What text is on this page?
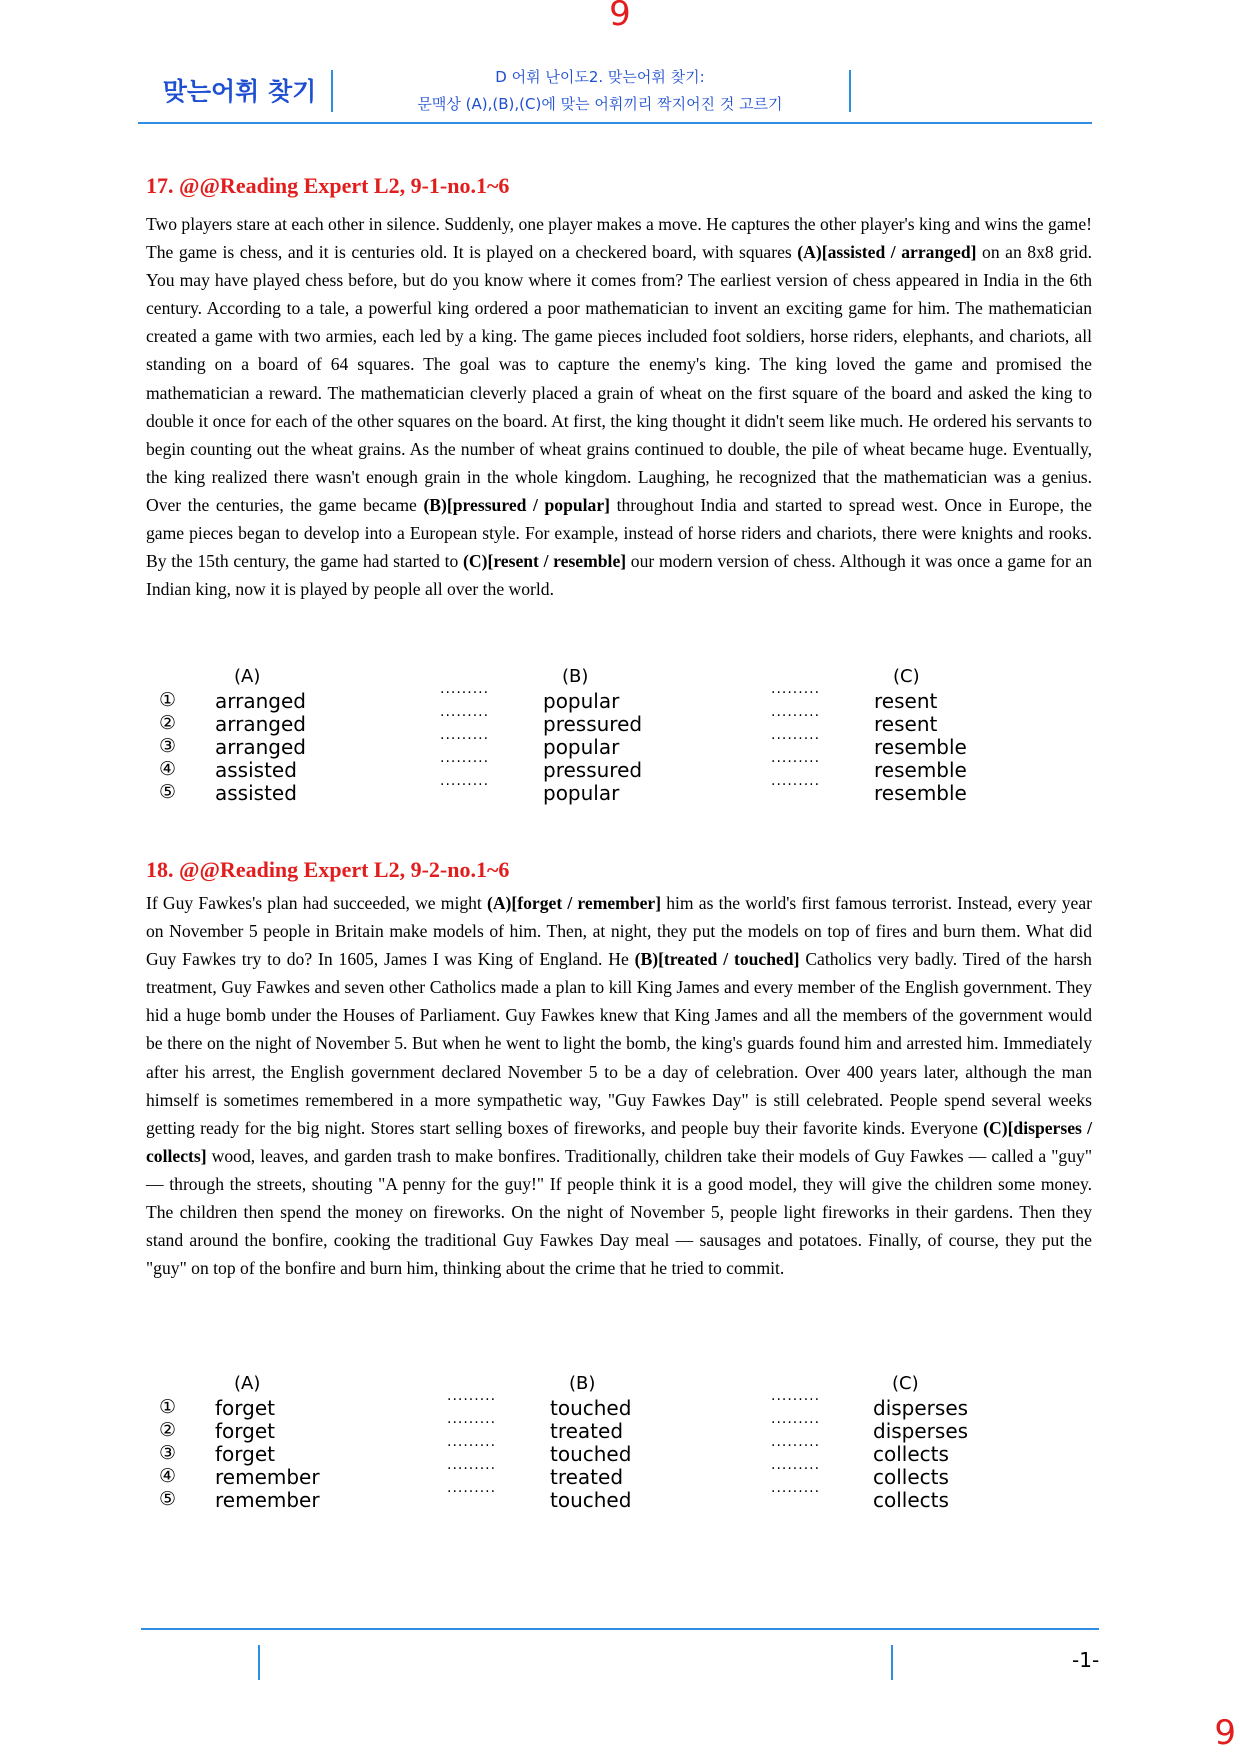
9
맞는어휘 찾기	D 어휘 난이도2. 맞는어휘 찾기:
문맥상 (A),(B),(C)에 맞는 어휘끼리 짝지어진 것 고르기
17. @@Reading Expert L2, 9-1-no.1~6
Two players stare at each other in silence. Suddenly, one player makes a move. He captures the other player's king and wins the game! The game is chess, and it is centuries old. It is played on a checkered board, with squares (A)[assisted / arranged] on an 8x8 grid. You may have played chess before, but do you know where it comes from? The earliest version of chess appeared in India in the 6th century. According to a tale, a powerful king ordered a poor mathematician to invent an exciting game for him. The mathematician created a game with two armies, each led by a king. The game pieces included foot soldiers, horse riders, elephants, and chariots, all standing on a board of 64 squares. The goal was to capture the enemy's king. The king loved the game and promised the mathematician a reward. The mathematician cleverly placed a grain of wheat on the first square of the board and asked the king to double it once for each of the other squares on the board. At first, the king thought it didn't seem like much. He ordered his servants to begin counting out the wheat grains. As the number of wheat grains continued to double, the pile of wheat became huge. Eventually, the king realized there wasn't enough grain in the whole kingdom. Laughing, he recognized that the mathematician was a genius. Over the centuries, the game became (B)[pressured / popular] throughout India and started to spread west. Once in Europe, the game pieces began to develop into a European style. For example, instead of horse riders and chariots, there were knights and rooks. By the 15th century, the game had started to (C)[resent / resemble] our modern version of chess. Although it was once a game for an Indian king, now it is played by people all over the world.
(A)	(B)	(C)
① arranged	·········	popular	·········	resent
② arranged	·········	pressured	·········	resent
③ arranged	·········	popular	·········	resemble
④ assisted	·········	pressured	·········	resemble
⑤ assisted	·········	popular	·········	resemble
18. @@Reading Expert L2, 9-2-no.1~6
If Guy Fawkes's plan had succeeded, we might (A)[forget / remember] him as the world's first famous terrorist. Instead, every year on November 5 people in Britain make models of him. Then, at night, they put the models on top of fires and burn them. What did Guy Fawkes try to do? In 1605, James I was King of England. He (B)[treated / touched] Catholics very badly. Tired of the harsh treatment, Guy Fawkes and seven other Catholics made a plan to kill King James and every member of the English government. They hid a huge bomb under the Houses of Parliament. Guy Fawkes knew that King James and all the members of the government would be there on the night of November 5. But when he went to light the bomb, the king's guards found him and arrested him. Immediately after his arrest, the English government declared November 5 to be a day of celebration. Over 400 years later, although the man himself is sometimes remembered in a more sympathetic way, "Guy Fawkes Day" is still celebrated. People spend several weeks getting ready for the big night. Stores start selling boxes of fireworks, and people buy their favorite kinds. Everyone (C)[disperses / collects] wood, leaves, and garden trash to make bonfires. Traditionally, children take their models of Guy Fawkes — called a "guy" — through the streets, shouting "A penny for the guy!" If people think it is a good model, they will give the children some money. The children then spend the money on fireworks. On the night of November 5, people light fireworks in their gardens. Then they stand around the bonfire, cooking the traditional Guy Fawkes Day meal — sausages and potatoes. Finally, of course, they put the "guy" on top of the bonfire and burn him, thinking about the crime that he tried to commit.
(A)	(B)	(C)
① forget	·········	touched	·········	disperses
② forget	·········	treated	·········	disperses
③ forget	·········	touched	·········	collects
④ remember	·········	treated	·········	collects
⑤ remember	·········	touched	·········	collects
-1-
9
